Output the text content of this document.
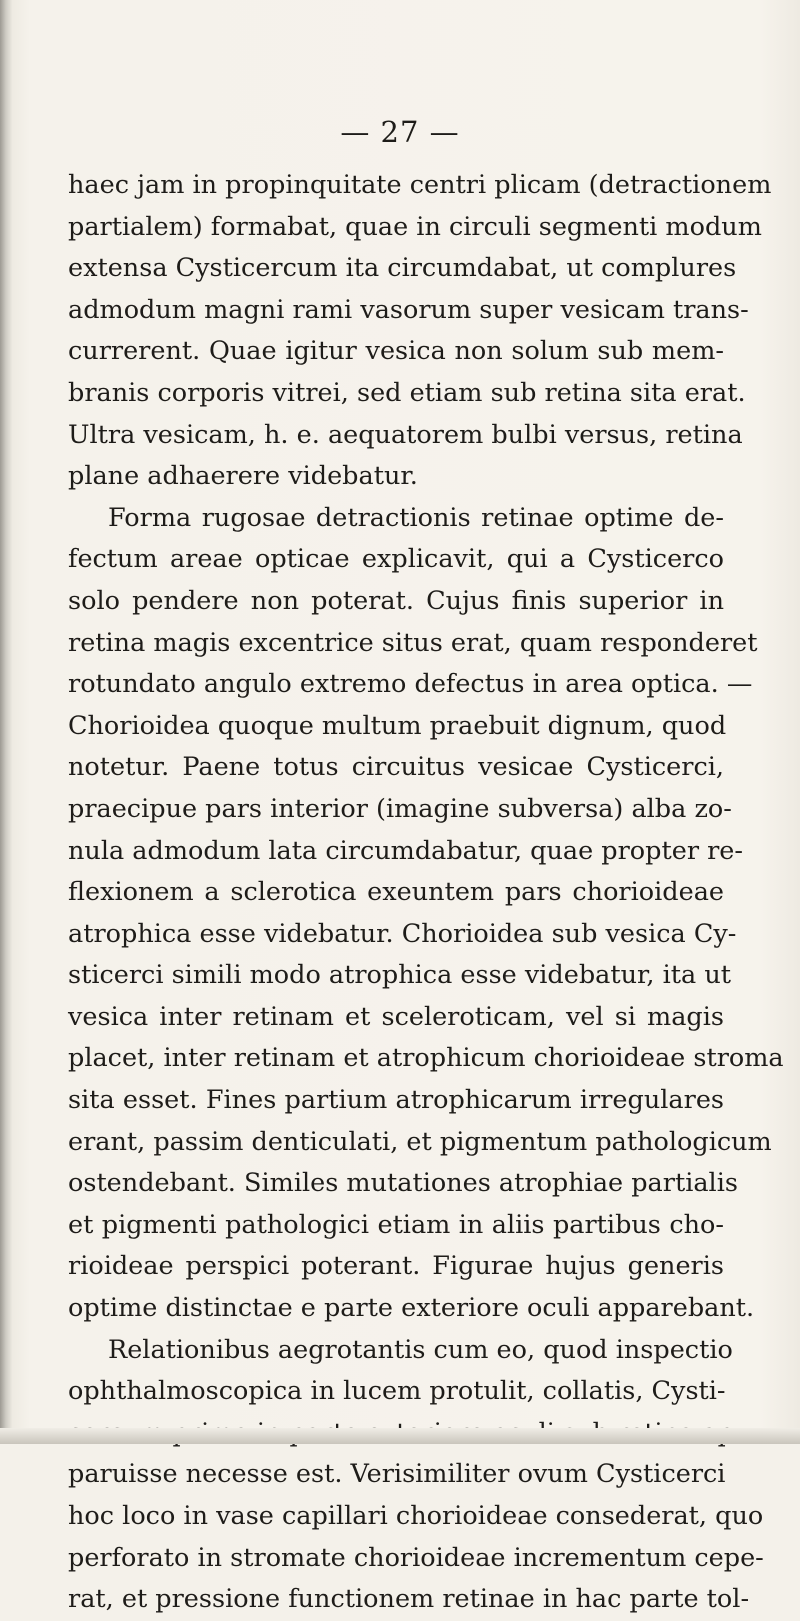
— 27 —
haec jam in propinquitate centri plicam (detractionem
partialem) formabat, quae in circuli segmenti modum
extensa Cysticercum ita circumdabat, ut complures
admodum magni rami vasorum super vesicam trans-
currerent. Quae igitur vesica non solum sub mem-
branis corporis vitrei, sed etiam sub retina sita erat.
Ultra vesicam, h. e. aequatorem bulbi versus, retina
plane adhaerere videbatur.
Forma rugosae detractionis retinae optime de-
fectum areae opticae explicavit, qui a Cysticerco
solo pendere non poterat. Cujus finis superior in
retina magis excentrice situs erat, quam responderet
rotundato angulo extremo defectus in area optica. —
Chorioidea quoque multum praebuit dignum, quod
notetur. Paene totus circuitus vesicae Cysticerci,
praecipue pars interior (imagine subversa) alba zo-
nula admodum lata circumdabatur, quae propter re-
flexionem a sclerotica exeuntem pars chorioideae
atrophica esse videbatur. Chorioidea sub vesica Cy-
sticerci simili modo atrophica esse videbatur, ita ut
vesica inter retinam et sceleroticam, vel si magis
placet, inter retinam et atrophicum chorioideae stroma
sita esset. Fines partium atrophicarum irregulares
erant, passim denticulati, et pigmentum pathologicum
ostendebant. Similes mutationes atrophiae partialis
et pigmenti pathologici etiam in aliis partibus cho-
rioideae perspici poterant. Figurae hujus generis
optime distinctae e parte exteriore oculi apparebant.
Relationibus aegrotantis cum eo, quod inspectio
ophthalmoscopica in lucem protulit, collatis, Cysti-
paruisse necesse est. Verisimiliter ovum Cysticerci
hoc loco in vase capillari chorioideae consederat, quo
perforato in stromate chorioideae incrementum cepe-
rat, et pressione functionem retinae in hac parte tol-
